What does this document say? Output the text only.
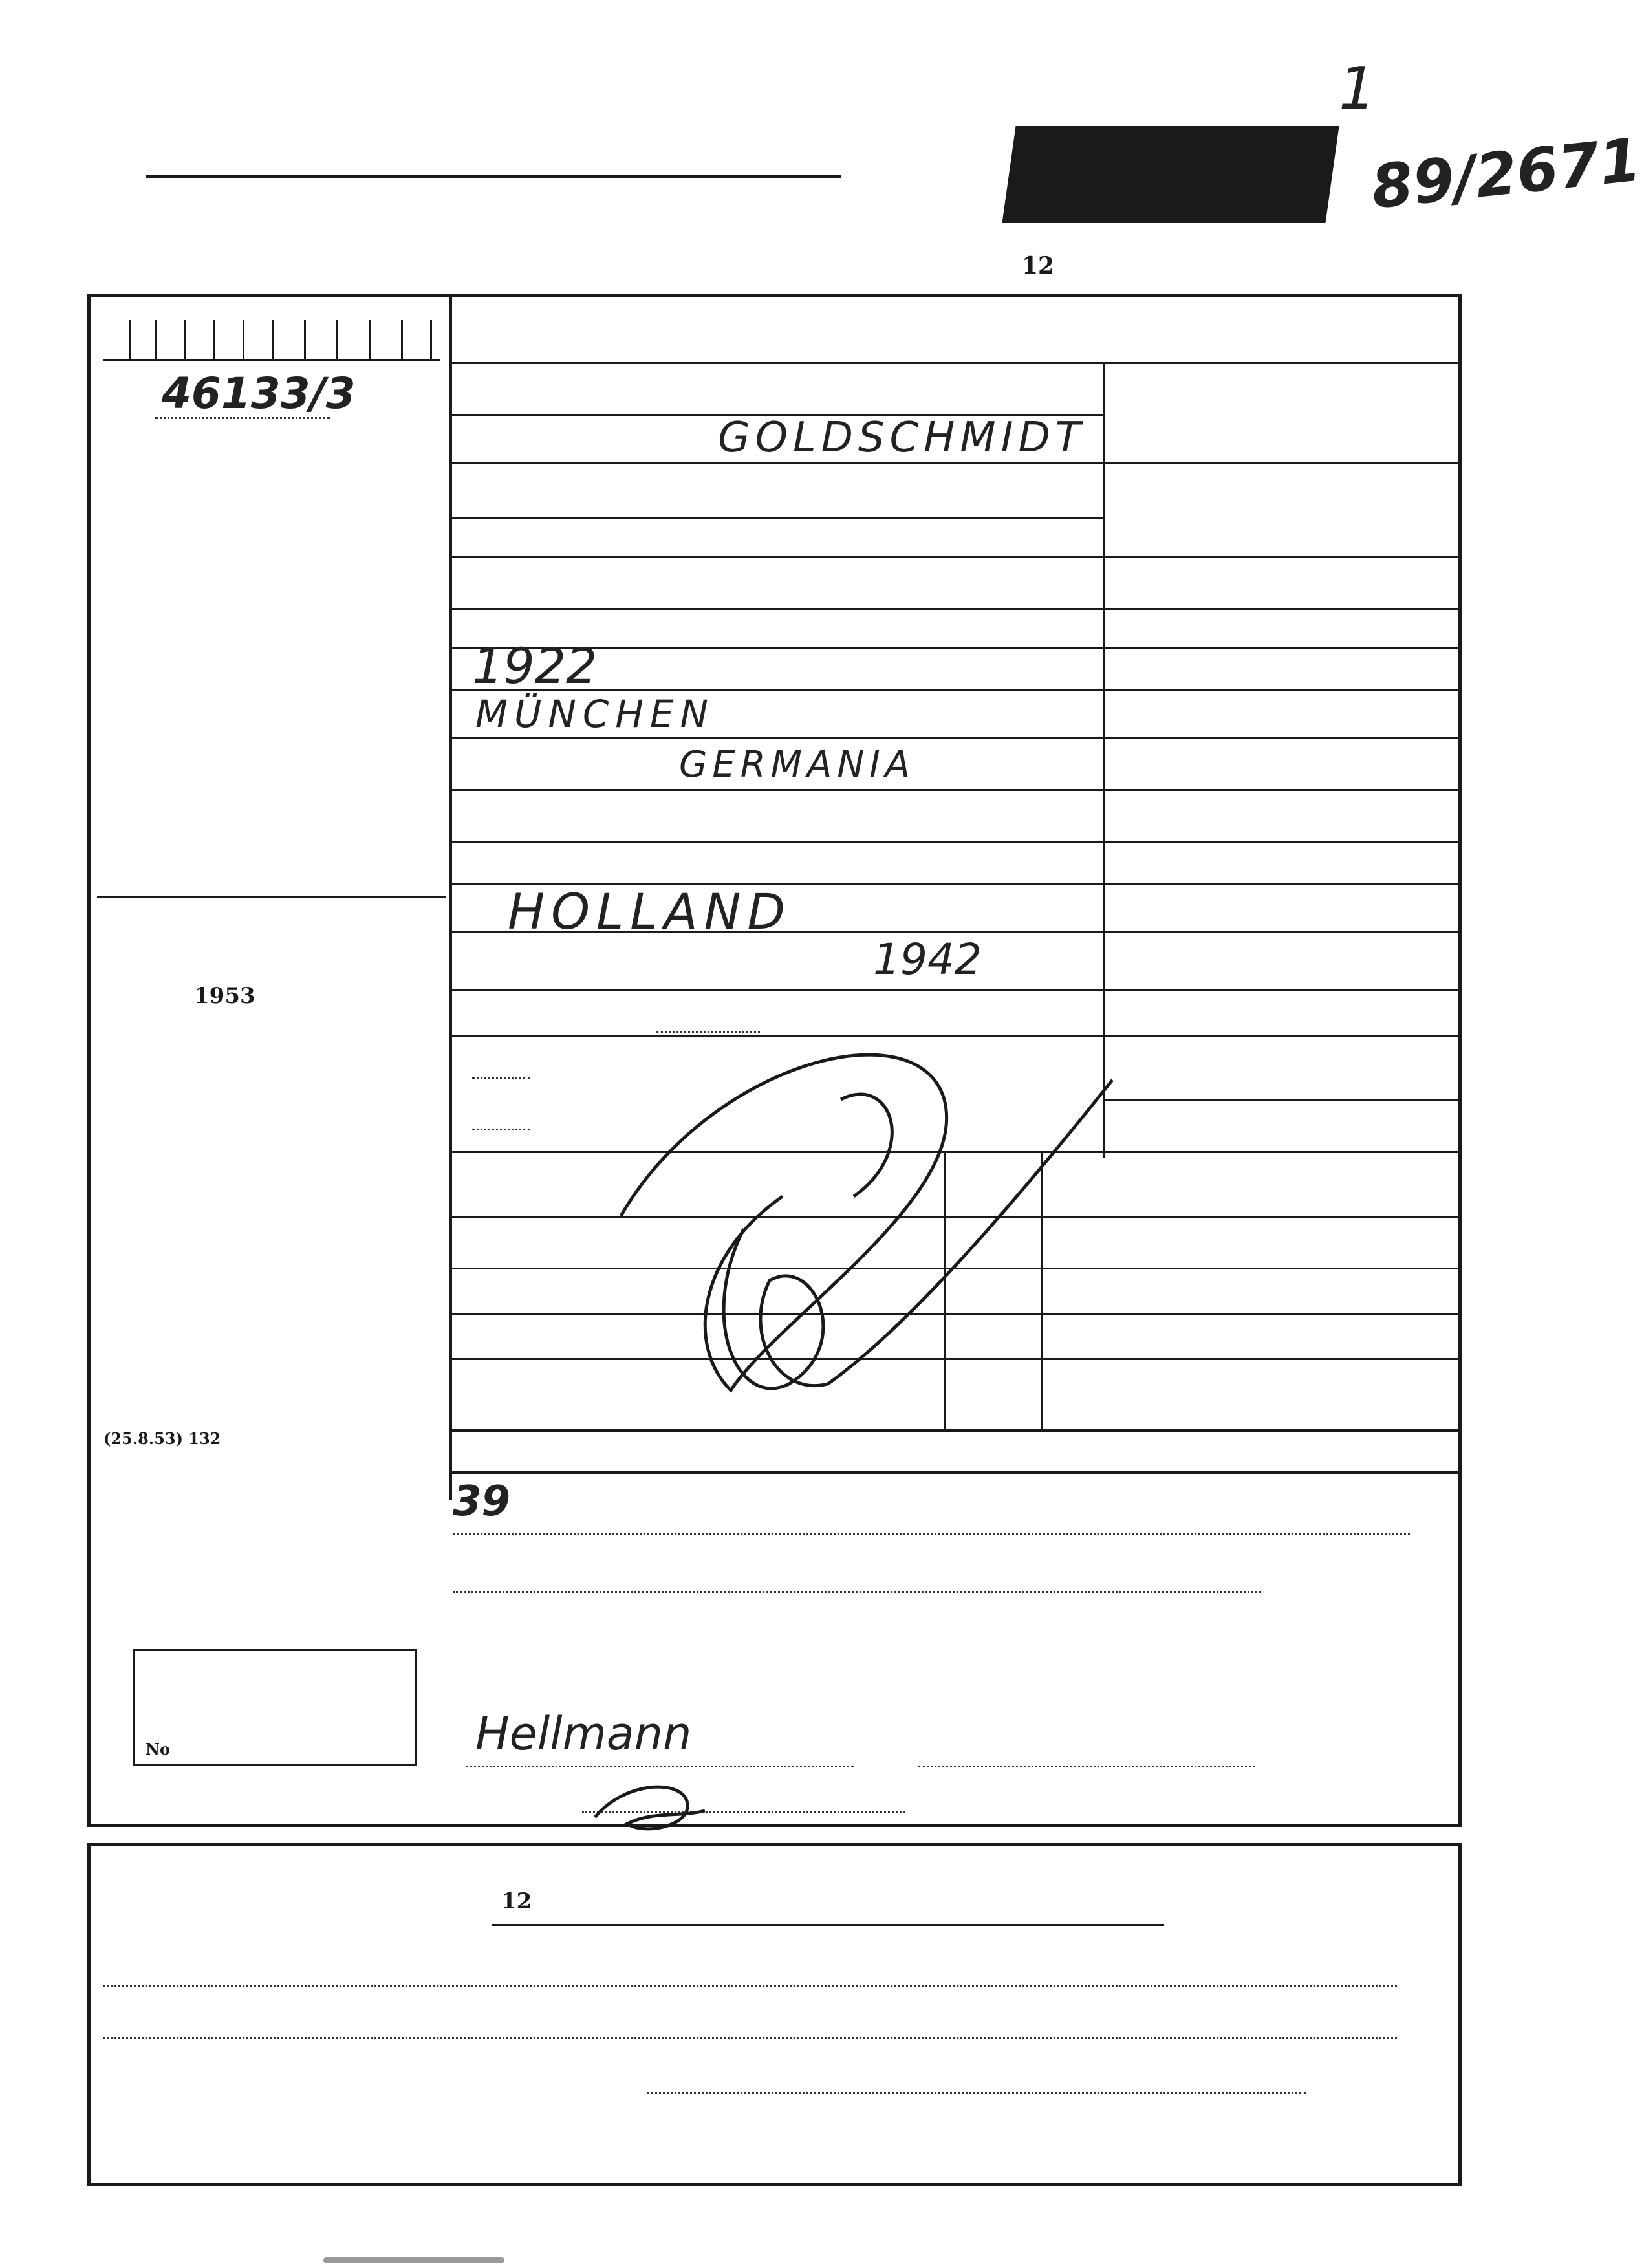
1
89/2671
12
46133/3
GOLDSCHMIDT
1922
MÜNCHEN
GERMANIA
HOLLAND
1942
1953
(25.8.53) 132
39
No	Hellmann
12
